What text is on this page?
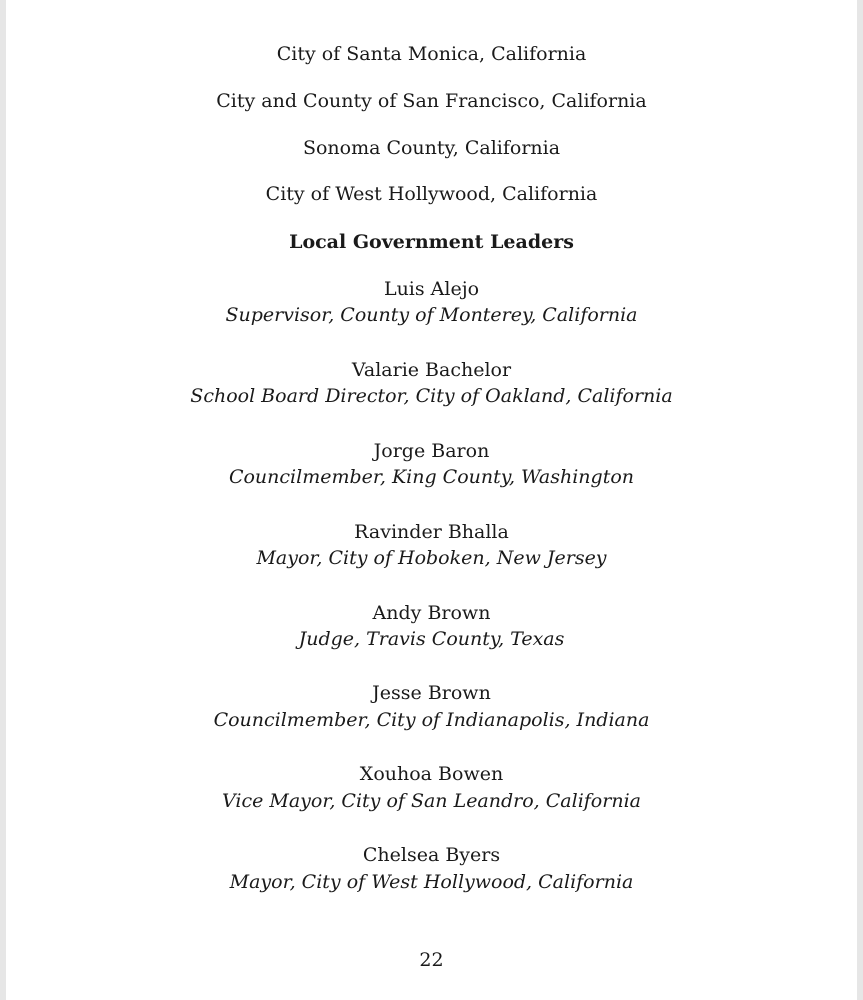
City of Santa Monica, California
City and County of San Francisco, California
Sonoma County, California
City of West Hollywood, California
Local Government Leaders
Luis Alejo
Supervisor, County of Monterey, California
Valarie Bachelor
School Board Director, City of Oakland, California
Jorge Baron
Councilmember, King County, Washington
Ravinder Bhalla
Mayor, City of Hoboken, New Jersey
Andy Brown
Judge, Travis County, Texas
Jesse Brown
Councilmember, City of Indianapolis, Indiana
Xouhoa Bowen
Vice Mayor, City of San Leandro, California
Chelsea Byers
Mayor, City of West Hollywood, California
22
